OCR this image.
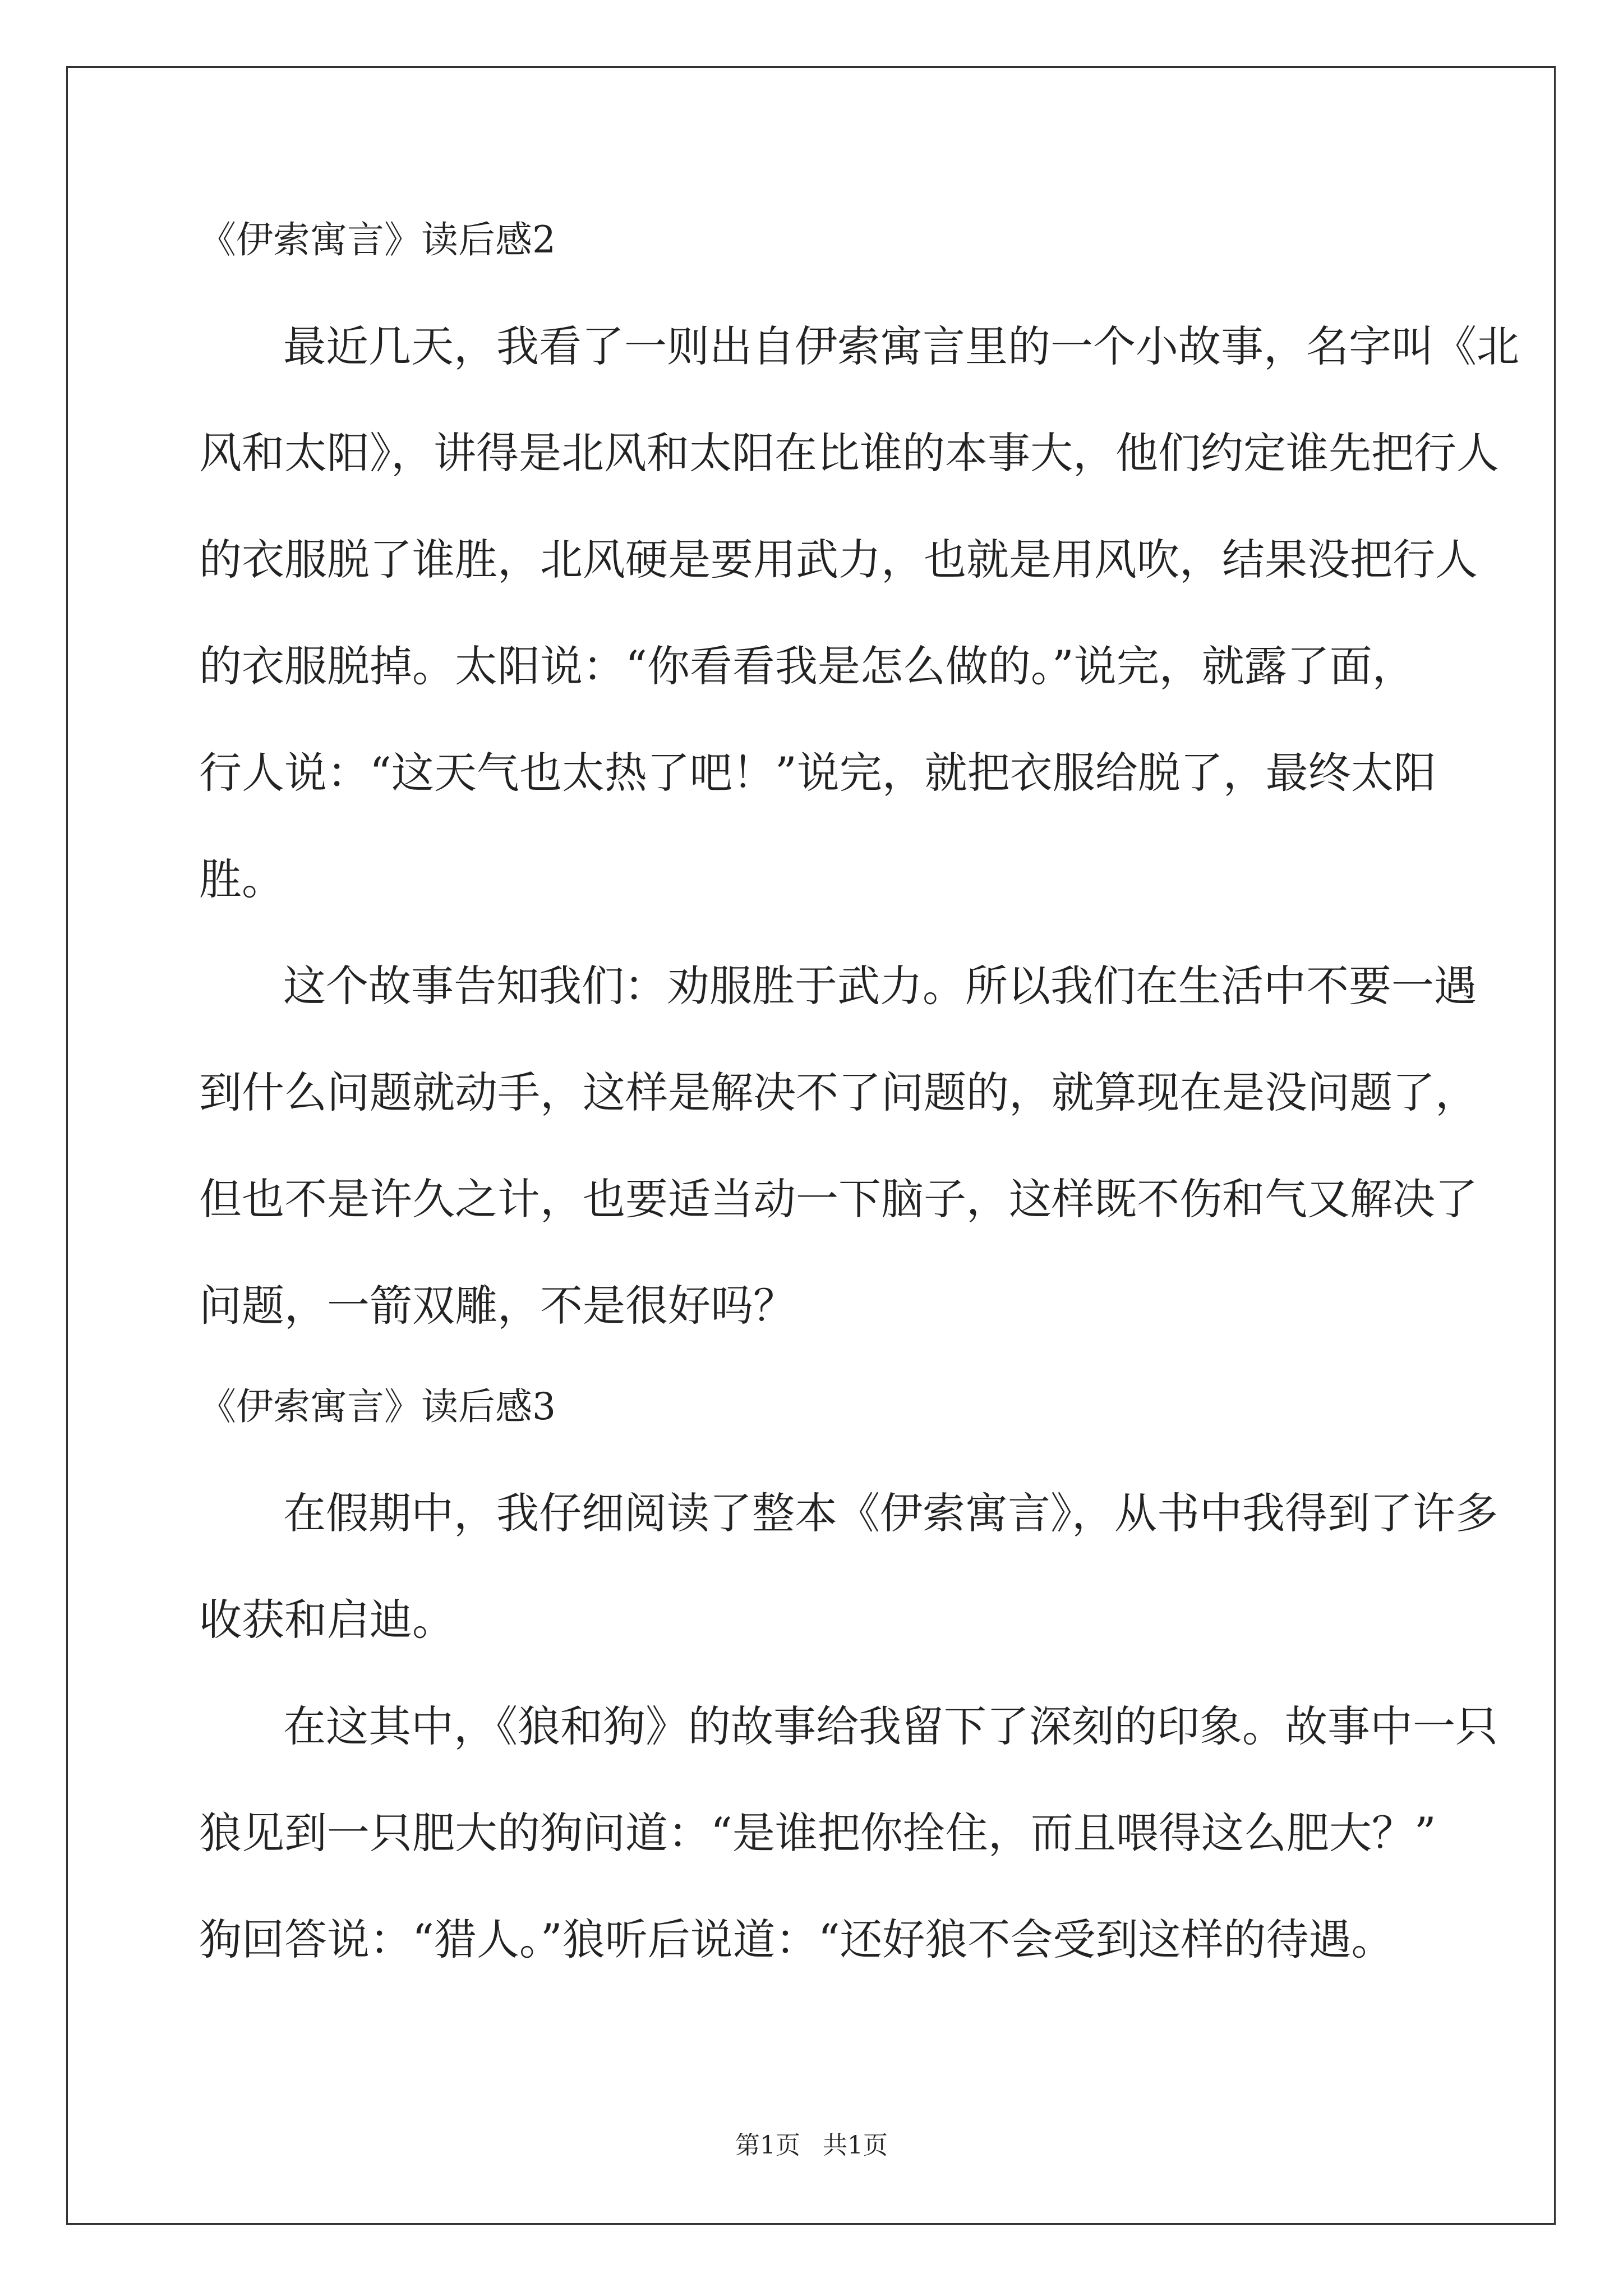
《伊索寓言》读后感2
最近几天，我看了一则出自伊索寓言里的一个小故事，名字叫《北
风和太阳》，讲得是北风和太阳在比谁的本事大，他们约定谁先把行人
的衣服脱了谁胜，北风硬是要用武力，也就是用风吹，结果没把行人
的衣服脱掉。太阳说：“你看看我是怎么做的。”说完，就露了面，
行人说：“这天气也太热了吧！”说完，就把衣服给脱了，最终太阳
胜。
这个故事告知我们：劝服胜于武力。所以我们在生活中不要一遇
到什么问题就动手，这样是解决不了问题的，就算现在是没问题了，
但也不是许久之计，也要适当动一下脑子，这样既不伤和气又解决了
问题，一箭双雕，不是很好吗？
《伊索寓言》读后感3
在假期中，我仔细阅读了整本《伊索寓言》，从书中我得到了许多
收获和启迪。
在这其中，《狼和狗》的故事给我留下了深刻的印象。故事中一只
狼见到一只肥大的狗问道：“是谁把你拴住，而且喂得这么肥大？”
狗回答说：“猎人。”狼听后说道：“还好狼不会受到这样的待遇。
第1页 共1页
